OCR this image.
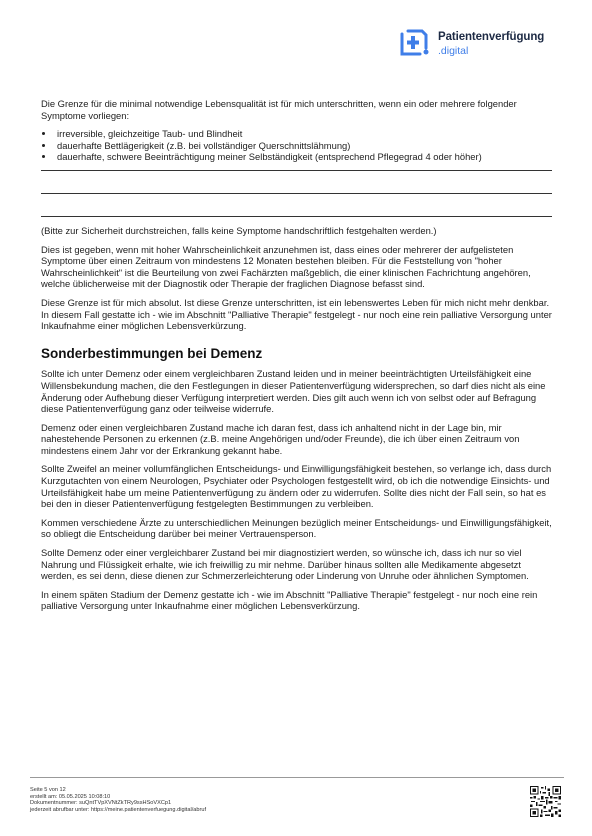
Patientenverfügung
.digital

Die Grenze für die minimal notwendige Lebensqualität ist für mich unterschritten, wenn ein oder mehrere folgender Symptome vorliegen:

• irreversible, gleichzeitige Taub- und Blindheit
• dauerhafte Bettlägerigkeit (z.B. bei vollständiger Querschnittslähmung)
• dauerhafte, schwere Beeinträchtigung meiner Selbständigkeit (entsprechend Pflegegrad 4 oder höher)

(Bitte zur Sicherheit durchstreichen, falls keine Symptome handschriftlich festgehalten werden.)

Dies ist gegeben, wenn mit hoher Wahrscheinlichkeit anzunehmen ist, dass eines oder mehrerer der aufgelisteten Symptome über einen Zeitraum von mindestens 12 Monaten bestehen bleiben. Für die Feststellung von "hoher Wahrscheinlichkeit" ist die Beurteilung von zwei Fachärzten maßgeblich, die einer klinischen Fachrichtung angehören, welche üblicherweise mit der Diagnostik oder Therapie der fraglichen Diagnose befasst sind.

Diese Grenze ist für mich absolut. Ist diese Grenze unterschritten, ist ein lebenswertes Leben für mich nicht mehr denkbar. In diesem Fall gestatte ich - wie im Abschnitt "Palliative Therapie" festgelegt - nur noch eine rein palliative Versorgung unter Inkaufnahme einer möglichen Lebensverkürzung.

Sonderbestimmungen bei Demenz

Sollte ich unter Demenz oder einem vergleichbaren Zustand leiden und in meiner beeinträchtigten Urteilsfähigkeit eine Willensbekundung machen, die den Festlegungen in dieser Patientenverfügung widersprechen, so darf dies nicht als eine Änderung oder Aufhebung dieser Verfügung interpretiert werden. Dies gilt auch wenn ich von selbst oder auf Befragung diese Patientenverfügung ganz oder teilweise widerrufe.

Demenz oder einen vergleichbaren Zustand mache ich daran fest, dass ich anhaltend nicht in der Lage bin, mir nahestehende Personen zu erkennen (z.B. meine Angehörigen und/oder Freunde), die ich über einen Zeitraum von mindestens einem Jahr vor der Erkrankung gekannt habe.

Sollte Zweifel an meiner vollumfänglichen Entscheidungs- und Einwilligungsfähigkeit bestehen, so verlange ich, dass durch Kurzgutachten von einem Neurologen, Psychiater oder Psychologen festgestellt wird, ob ich die notwendige Einsichts- und Urteilsfähigkeit habe um meine Patientenverfügung zu ändern oder zu widerrufen. Sollte dies nicht der Fall sein, so hat es bei den in dieser Patientenverfügung festgelegten Bestimmungen zu verbleiben.

Kommen verschiedene Ärzte zu unterschiedlichen Meinungen bezüglich meiner Entscheidungs- und Einwilligungsfähigkeit, so obliegt die Entscheidung darüber bei meiner Vertrauensperson.

Sollte Demenz oder einer vergleichbarer Zustand bei mir diagnostiziert werden, so wünsche ich, dass ich nur so viel Nahrung und Flüssigkeit erhalte, wie ich freiwillig zu mir nehme. Darüber hinaus sollten alle Medikamente abgesetzt werden, es sei denn, diese dienen zur Schmerzerleichterung oder Linderung von Unruhe oder ähnlichen Symptomen.

In einem späten Stadium der Demenz gestatte ich - wie im Abschnitt "Palliative Therapie" festgelegt - nur noch eine rein palliative Versorgung unter Inkaufnahme einer möglichen Lebensverkürzung.

Seite 5 von 12
erstellt am: 05.05.2025 10:08:10
Dokumentnummer: suQntTVpXVNtZkTRy9ssHSoVXCp1
jederzeit abrufbar unter: https://meine.patientenverfuegung.digital/abruf
